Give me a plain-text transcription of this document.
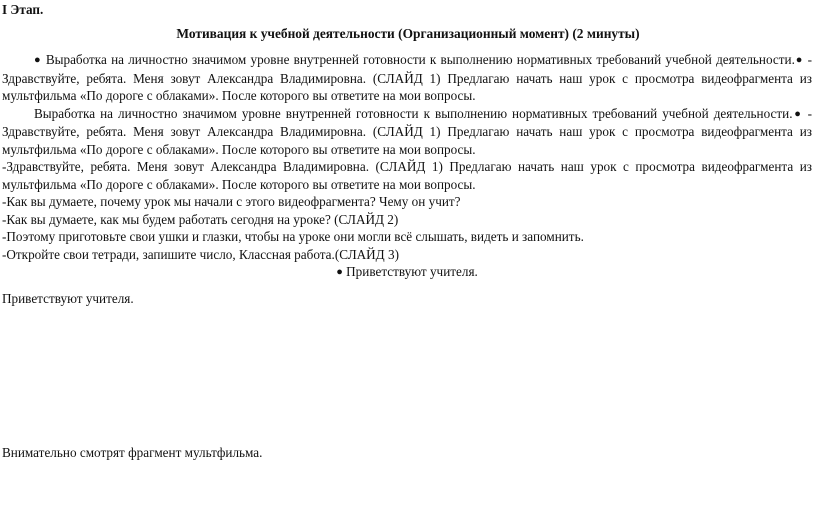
I Этап.
Мотивация к учебной деятельности (Организационный момент) (2 минуты)

● Выработка на личностно значимом уровне внутренней готовности к выполнению нормативных требований учебной деятельности.● - Здравствуйте, ребята. Меня зовут Александра Владимировна. (СЛАЙД 1) Предлагаю начать наш урок с просмотра видеофрагмента из мультфильма «По дороге с облаками». После которого вы ответите на мои вопросы.

Выработка на личностно значимом уровне внутренней готовности к выполнению нормативных требований учебной деятельности.● - Здравствуйте, ребята. Меня зовут Александра Владимировна. (СЛАЙД 1) Предлагаю начать наш урок с просмотра видеофрагмента из мультфильма «По дороге с облаками». После которого вы ответите на мои вопросы.

-Здравствуйте, ребята. Меня зовут Александра Владимировна. (СЛАЙД 1) Предлагаю начать наш урок с просмотра видеофрагмента из мультфильма «По дороге с облаками». После которого вы ответите на мои вопросы.

-Как вы думаете, почему урок мы начали с этого видеофрагмента? Чему он учит?

-Как вы думаете, как мы будем работать сегодня на уроке? (СЛАЙД 2)

-Поэтому приготовьте свои ушки и глазки, чтобы на уроке они могли всё слышать, видеть и запомнить.

-Откройте свои тетради, запишите число, Классная работа.(СЛАЙД 3)

● Приветствуют учителя.

Приветствуют учителя.
Внимательно смотрят фрагмент мультфильма.
